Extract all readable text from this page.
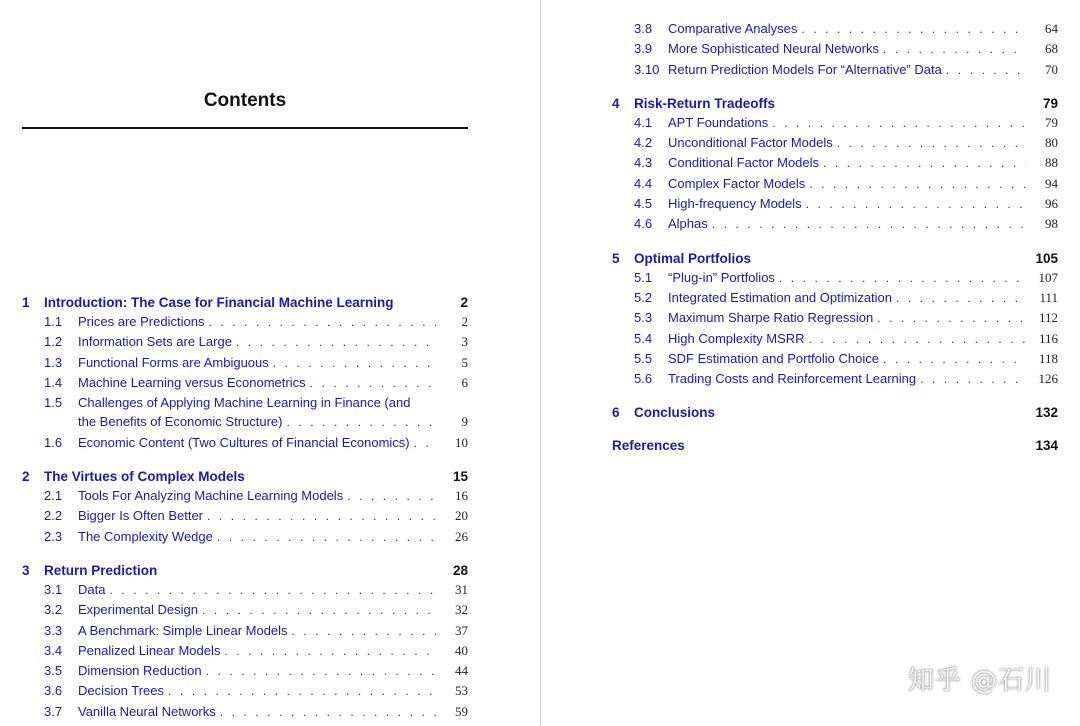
Contents
1	Introduction: The Case for Financial Machine Learning	2
1.1	Prices are Predictions . . .	2
1.2	Information Sets are Large . . .	3
1.3	Functional Forms are Ambiguous . . .	5
1.4	Machine Learning versus Econometrics . . .	6
1.5	Challenges of Applying Machine Learning in Finance (and
the Benefits of Economic Structure) . . .	9
1.6	Economic Content (Two Cultures of Financial Economics) . . .	10
2	The Virtues of Complex Models	15
2.1	Tools For Analyzing Machine Learning Models . . .	16
2.2	Bigger Is Often Better . . .	20
2.3	The Complexity Wedge . . .	26
3	Return Prediction	28
3.1	Data . . .	31
3.2	Experimental Design . . .	32
3.3	A Benchmark: Simple Linear Models . . .	37
3.4	Penalized Linear Models . . .	40
3.5	Dimension Reduction . . .	44
3.6	Decision Trees . . .	53
3.7	Vanilla Neural Networks . . .	59
3.8	Comparative Analyses . . .	64
3.9	More Sophisticated Neural Networks . . .	68
3.10 Return Prediction Models For “Alternative” Data . . .	70
4	Risk-Return Tradeoffs	79
4.1	APT Foundations . . .	79
4.2	Unconditional Factor Models . . .	80
4.3	Conditional Factor Models . . .	88
4.4	Complex Factor Models . . .	94
4.5	High-frequency Models . . .	96
4.6	Alphas . . .	98
5	Optimal Portfolios	105
5.1	“Plug-in” Portfolios . . .	107
5.2	Integrated Estimation and Optimization . . .	111
5.3	Maximum Sharpe Ratio Regression . . .	112
5.4	High Complexity MSRR . . .	116
5.5	SDF Estimation and Portfolio Choice . . .	118
5.6	Trading Costs and Reinforcement Learning . . .	126
6	Conclusions	132
References	134
知乎 @石川
